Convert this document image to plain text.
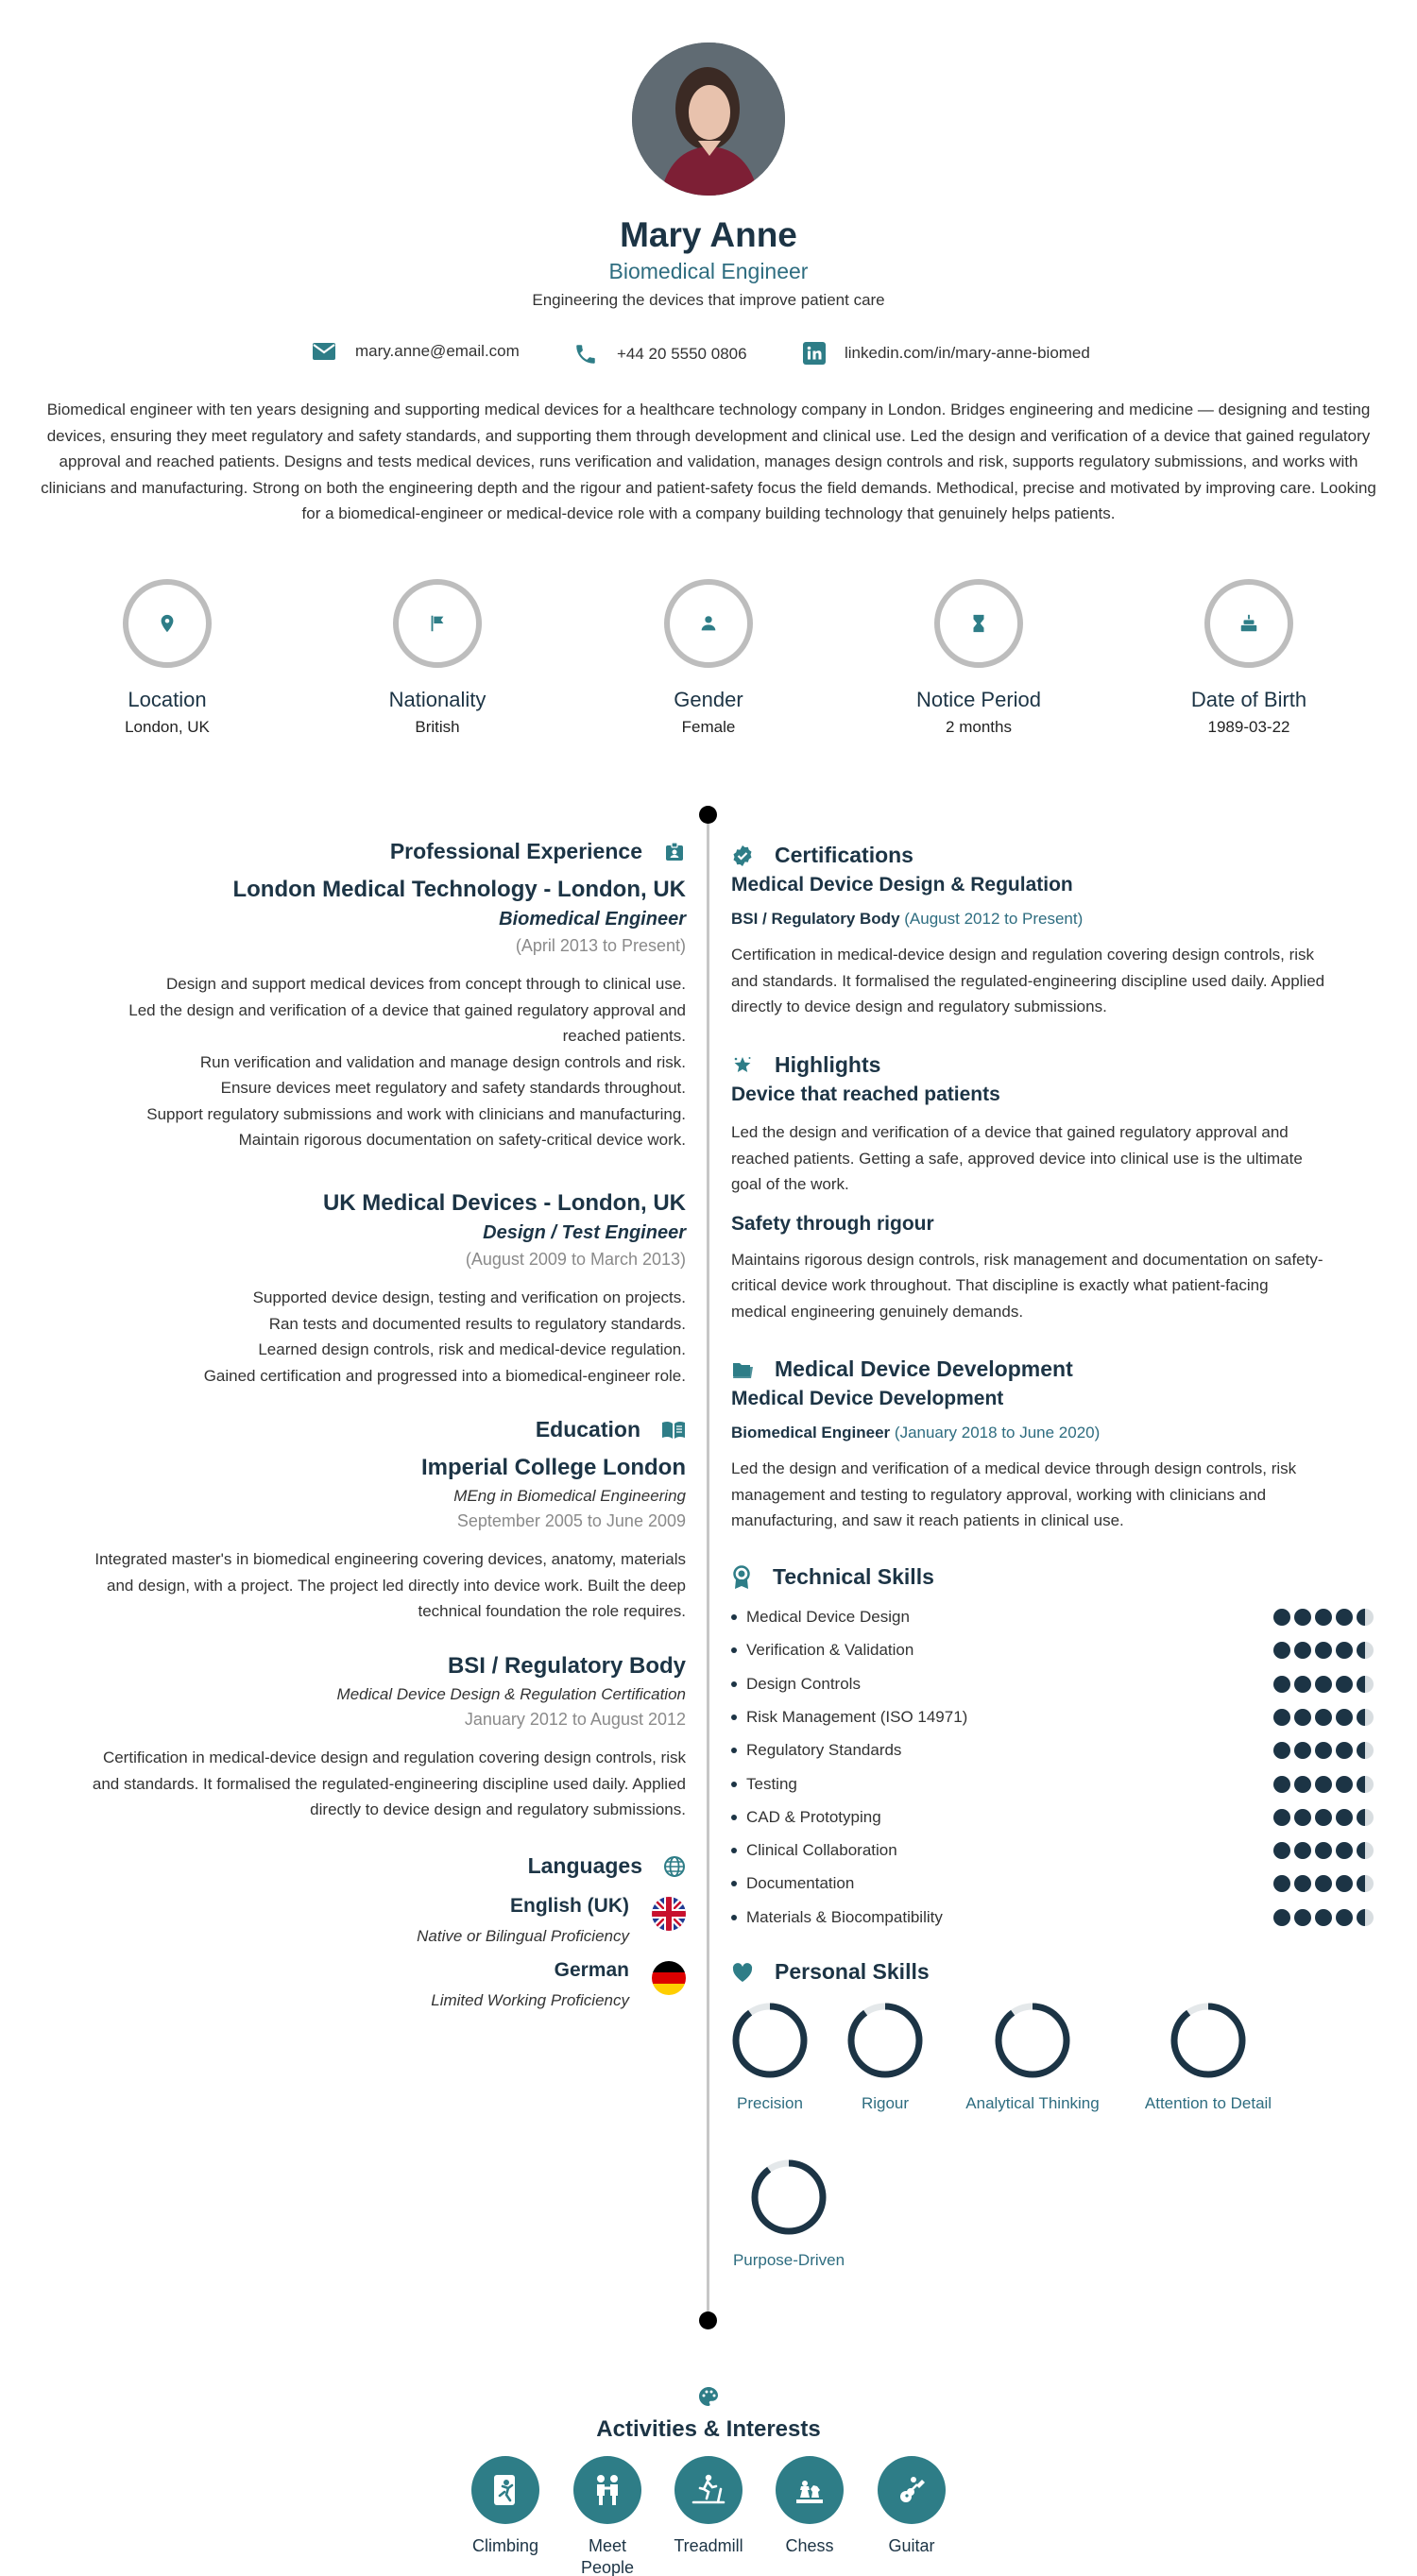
Mary Anne
Biomedical Engineer
Engineering the devices that improve patient care
mary.anne@email.com	+44 20 5550 0806	linkedin.com/in/mary-anne-biomed
Biomedical engineer with ten years designing and supporting medical devices for a healthcare technology company in London. Bridges engineering and medicine — designing and testing devices, ensuring they meet regulatory and safety standards, and supporting them through development and clinical use. Led the design and verification of a device that gained regulatory approval and reached patients. Designs and tests medical devices, runs verification and validation, manages design controls and risk, supports regulatory submissions, and works with clinicians and manufacturing. Strong on both the engineering depth and the rigour and patient-safety focus the field demands. Methodical, precise and motivated by improving care. Looking for a biomedical-engineer or medical-device role with a company building technology that genuinely helps patients.
Location
London, UK
Nationality
British
Gender
Female
Notice Period
2 months
Date of Birth
1989-03-22
Professional Experience
London Medical Technology - London, UK
Biomedical Engineer
(April 2013 to Present)
Design and support medical devices from concept through to clinical use.
Led the design and verification of a device that gained regulatory approval and
reached patients.
Run verification and validation and manage design controls and risk.
Ensure devices meet regulatory and safety standards throughout.
Support regulatory submissions and work with clinicians and manufacturing.
Maintain rigorous documentation on safety-critical device work.
UK Medical Devices - London, UK
Design / Test Engineer
(August 2009 to March 2013)
Supported device design, testing and verification on projects.
Ran tests and documented results to regulatory standards.
Learned design controls, risk and medical-device regulation.
Gained certification and progressed into a biomedical-engineer role.
Education
Imperial College London
MEng in Biomedical Engineering
September 2005 to June 2009
Integrated master's in biomedical engineering covering devices, anatomy, materials
and design, with a project. The project led directly into device work. Built the deep
technical foundation the role requires.
BSI / Regulatory Body
Medical Device Design & Regulation Certification
January 2012 to August 2012
Certification in medical-device design and regulation covering design controls, risk
and standards. It formalised the regulated-engineering discipline used daily. Applied
directly to device design and regulatory submissions.
Languages
English (UK)
Native or Bilingual Proficiency
German
Limited Working Proficiency
Certifications
Medical Device Design & Regulation
BSI / Regulatory Body (August 2012 to Present)
Certification in medical-device design and regulation covering design controls, risk
and standards. It formalised the regulated-engineering discipline used daily. Applied
directly to device design and regulatory submissions.
Highlights
Device that reached patients
Led the design and verification of a device that gained regulatory approval and
reached patients. Getting a safe, approved device into clinical use is the ultimate
goal of the work.
Safety through rigour
Maintains rigorous design controls, risk management and documentation on safety-
critical device work throughout. That discipline is exactly what patient-facing
medical engineering genuinely demands.
Medical Device Development
Medical Device Development
Biomedical Engineer (January 2018 to June 2020)
Led the design and verification of a medical device through design controls, risk
management and testing to regulatory approval, working with clinicians and
manufacturing, and saw it reach patients in clinical use.
Technical Skills
Medical Device Design
Verification & Validation
Design Controls
Risk Management (ISO 14971)
Regulatory Standards
Testing
CAD & Prototyping
Clinical Collaboration
Documentation
Materials & Biocompatibility
Personal Skills
Precision	Rigour	Analytical Thinking	Attention to Detail
Purpose-Driven
Activities & Interests
Climbing	Meet People
Treadmill	Chess	Guitar
